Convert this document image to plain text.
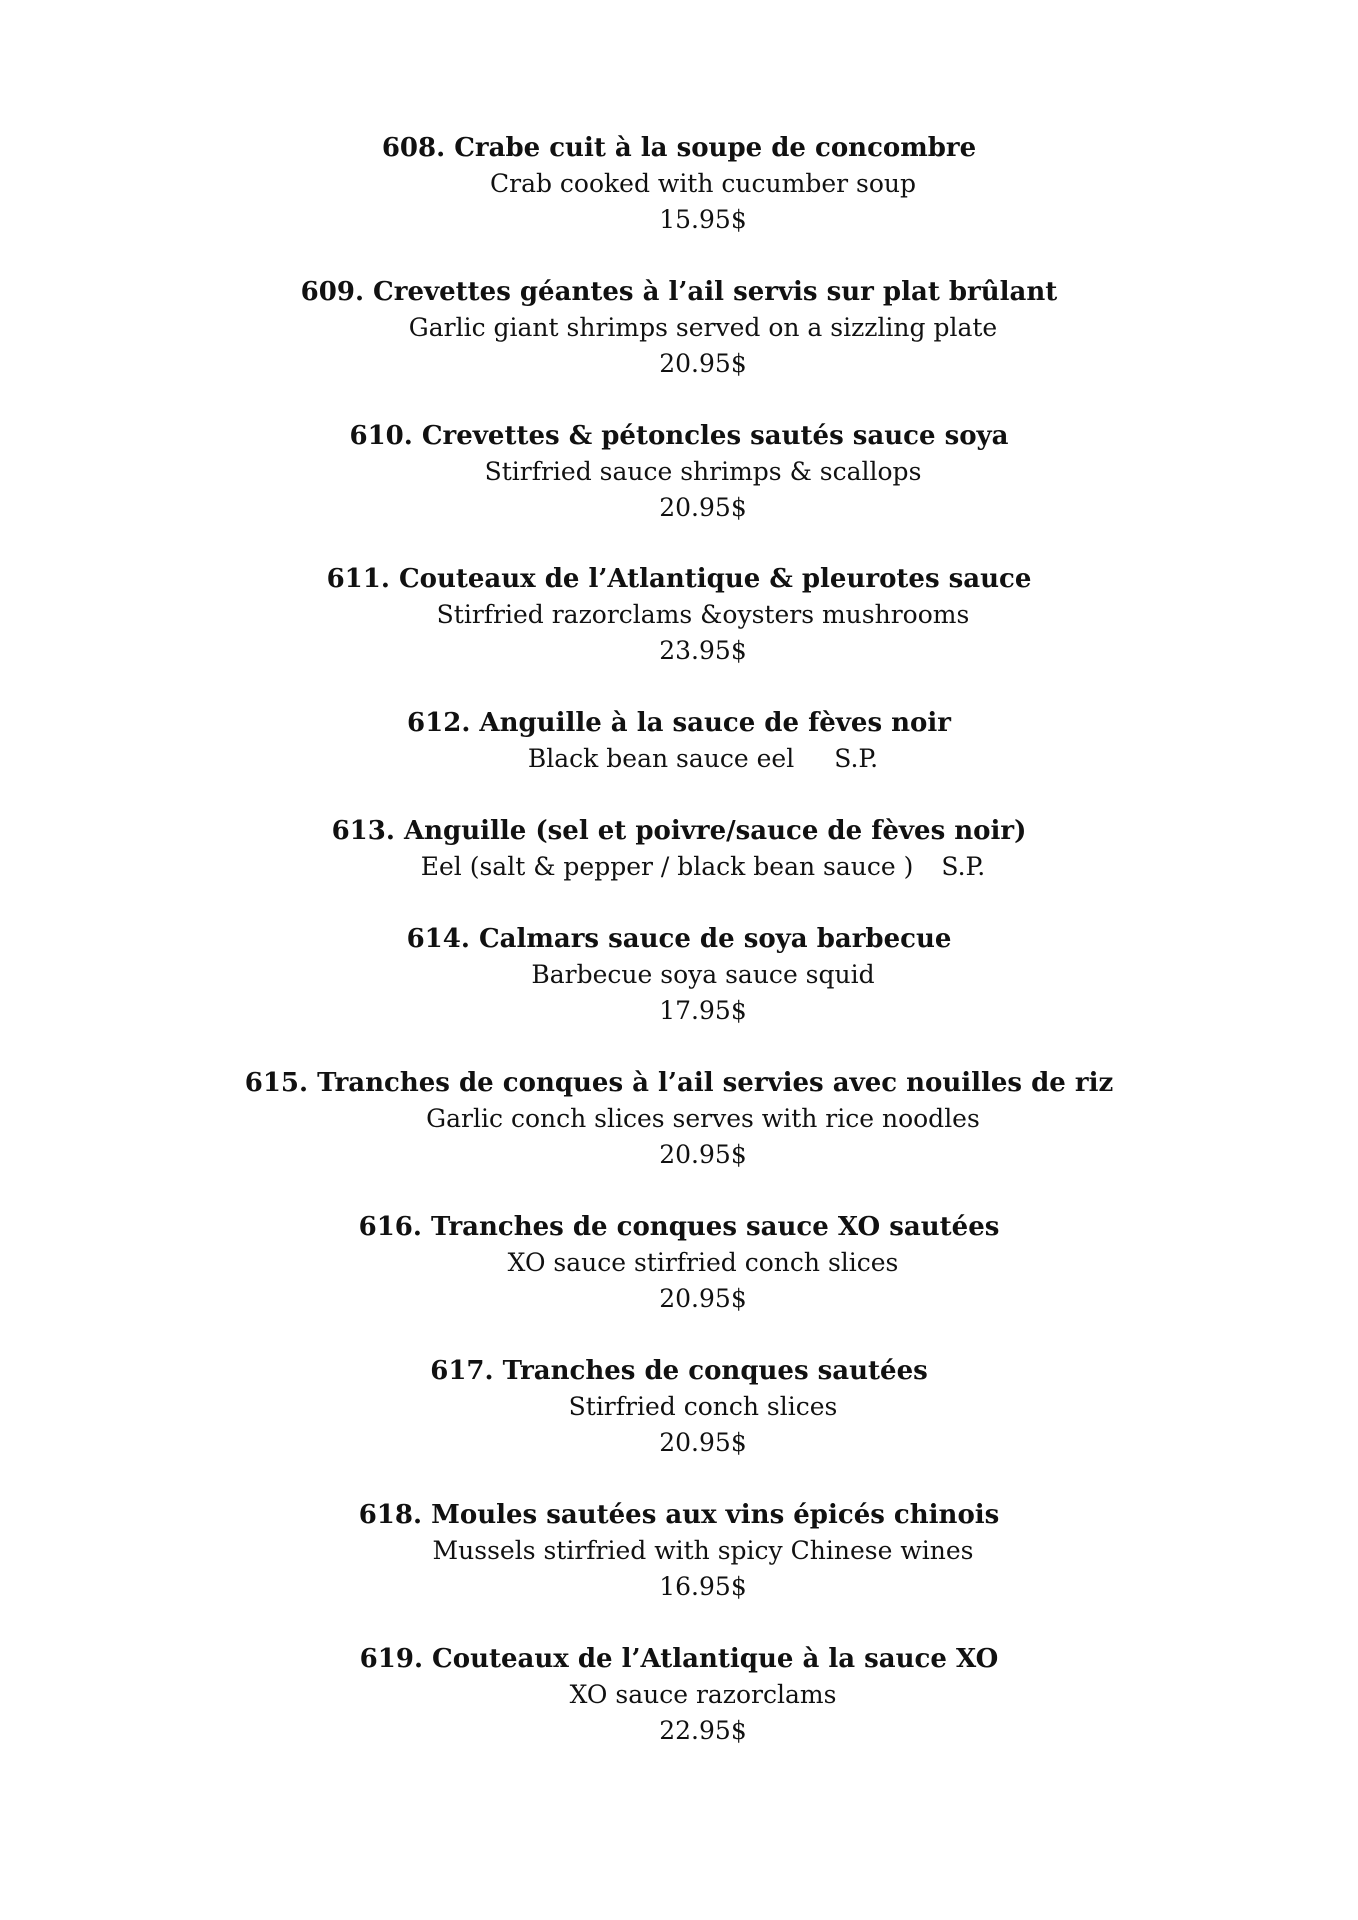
608. Crabe cuit à la soupe de concombre
Crab cooked with cucumber soup
15.95$
609. Crevettes géantes à l’ail servis sur plat brûlant
Garlic giant shrimps served on a sizzling plate
20.95$
610. Crevettes & pétoncles sautés sauce soya
Stirfried sauce shrimps & scallops
20.95$
611. Couteaux de l’Atlantique & pleurotes sauce
Stirfried razorclams &oysters mushrooms
23.95$
612. Anguille à la sauce de fèves noir
Black bean sauce eel S.P.
613. Anguille (sel et poivre/sauce de fèves noir)
Eel (salt & pepper / black bean sauce ) S.P.
614. Calmars sauce de soya barbecue
Barbecue soya sauce squid
17.95$
615. Tranches de conques à l’ail servies avec nouilles de riz
Garlic conch slices serves with rice noodles
20.95$
616. Tranches de conques sauce XO sautées
XO sauce stirfried conch slices
20.95$
617. Tranches de conques sautées
Stirfried conch slices
20.95$
618. Moules sautées aux vins épicés chinois
Mussels stirfried with spicy Chinese wines
16.95$
619. Couteaux de l’Atlantique à la sauce XO
XO sauce razorclams
22.95$
